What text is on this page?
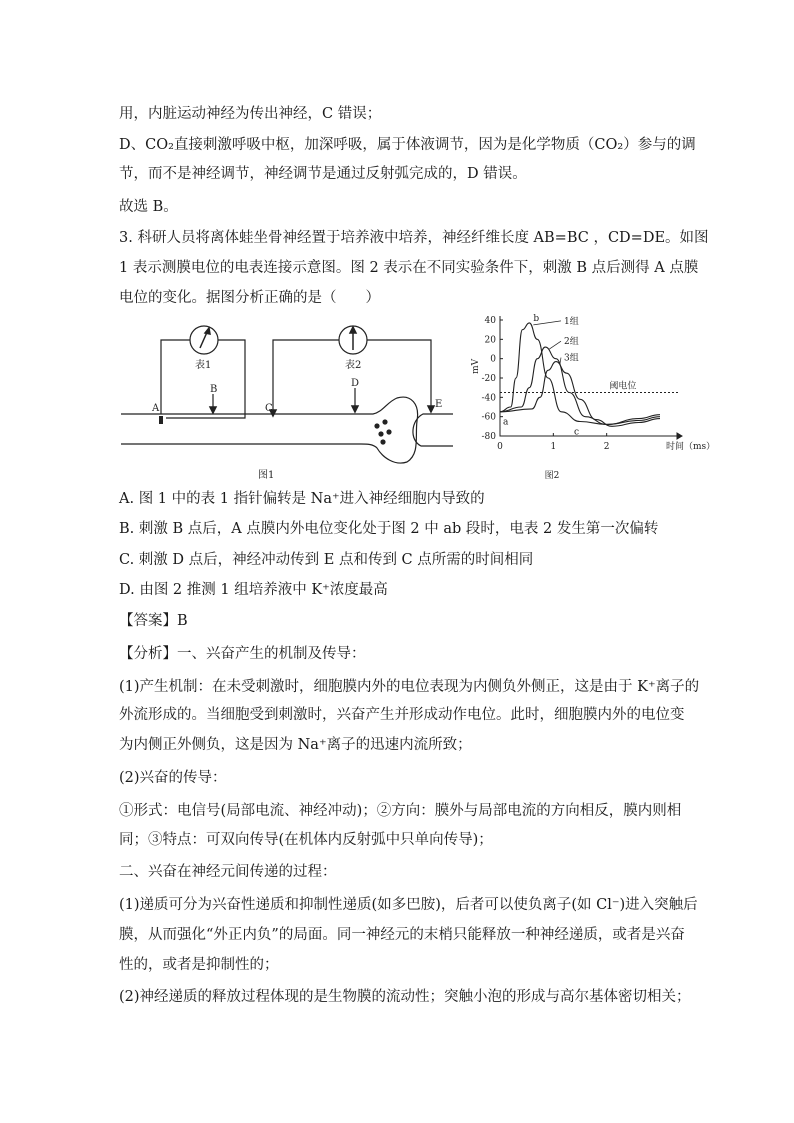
用，内脏运动神经为传出神经，C 错误；
D、CO₂直接刺激呼吸中枢，加深呼吸，属于体液调节，因为是化学物质（CO₂）参与的调
节，而不是神经调节，神经调节是通过反射弧完成的，D 错误。
故选 B。
3. 科研人员将离体蛙坐骨神经置于培养液中培养，神经纤维长度 AB=BC ，CD=DE。如图
1 表示测膜电位的电表连接示意图。图 2 表示在不同实验条件下，刺激 B 点后测得 A 点膜
电位的变化。据图分析正确的是（　　）
表1	表2
A
B
C
D
E
图1
40
20
0
-20
-40
-60
-80
0	1	2
mV
时间（ms）
阈电位
1组
2组
3组
a
b
c
图2
A. 图 1 中的表 1 指针偏转是 Na⁺进入神经细胞内导致的
B. 刺激 B 点后，A 点膜内外电位变化处于图 2 中 ab 段时，电表 2 发生第一次偏转
C. 刺激 D 点后，神经冲动传到 E 点和传到 C 点所需的时间相同
D. 由图 2 推测 1 组培养液中 K⁺浓度最高
【答案】B
【分析】一、兴奋产生的机制及传导：
(1)产生机制：在未受刺激时，细胞膜内外的电位表现为内侧负外侧正，这是由于 K⁺离子的
外流形成的。当细胞受到刺激时，兴奋产生并形成动作电位。此时，细胞膜内外的电位变
为内侧正外侧负，这是因为 Na⁺离子的迅速内流所致；
(2)兴奋的传导：
①形式：电信号(局部电流、神经冲动)；②方向：膜外与局部电流的方向相反，膜内则相
同；③特点：可双向传导(在机体内反射弧中只单向传导)；
二、兴奋在神经元间传递的过程：
(1)递质可分为兴奋性递质和抑制性递质(如多巴胺)，后者可以使负离子(如 Cl⁻)进入突触后
膜，从而强化“外正内负”的局面。同一神经元的末梢只能释放一种神经递质，或者是兴奋
性的，或者是抑制性的；
(2)神经递质的释放过程体现的是生物膜的流动性；突触小泡的形成与高尔基体密切相关；
